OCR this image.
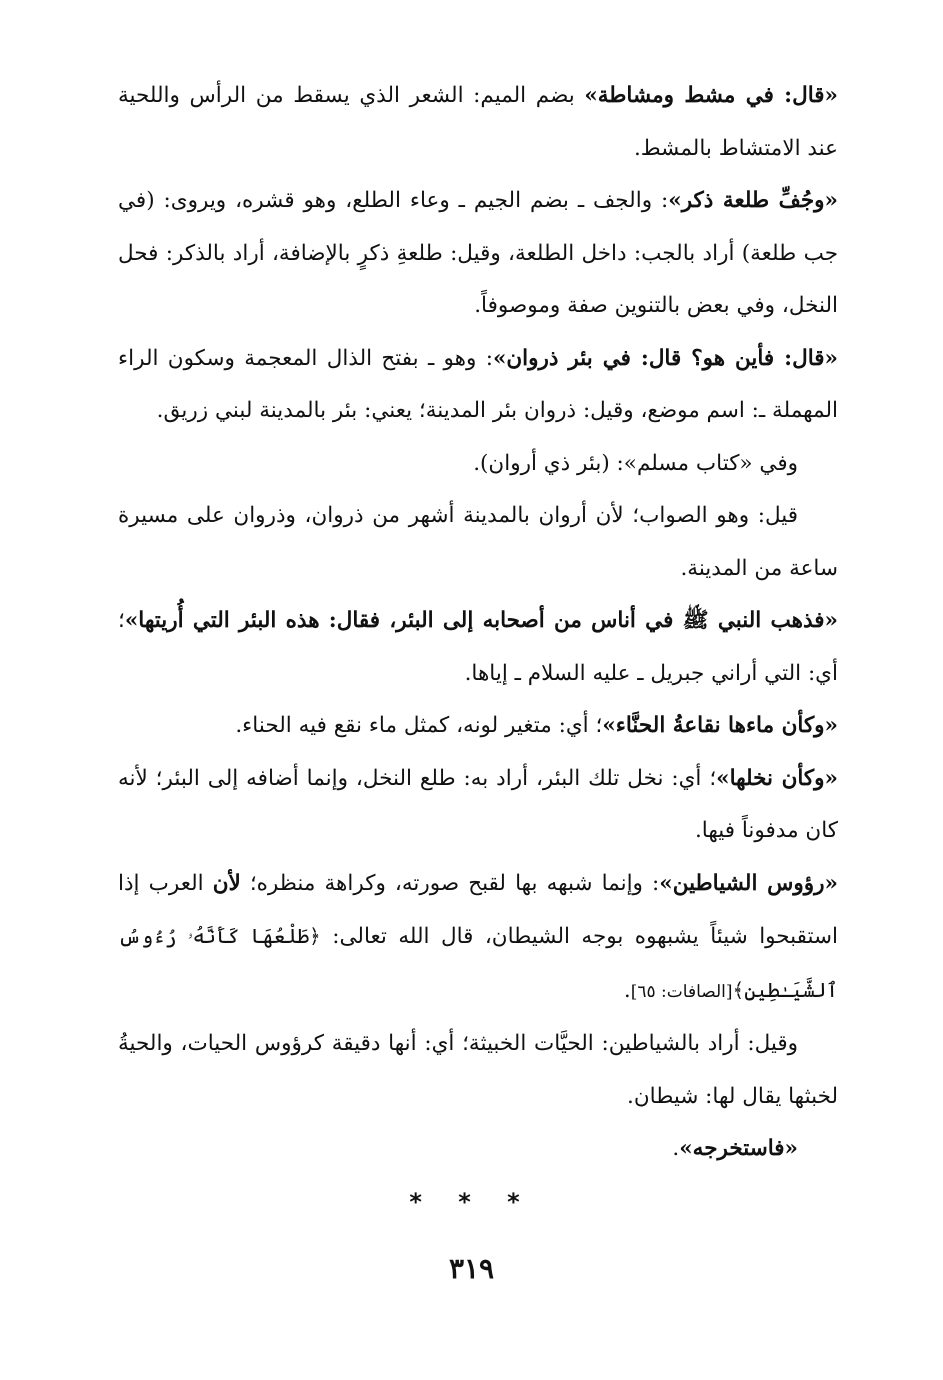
«قال: في مشط ومشاطة» بضم الميم: الشعر الذي يسقط من الرأس واللحية عند الامتشاط بالمشط.

«وجُفِّ طلعة ذكر»: والجف ـ بضم الجيم ـ وعاء الطلع، وهو قشره، ويروى: (في جب طلعة) أراد بالجب: داخل الطلعة، وقيل: طلعةِ ذكرٍ بالإضافة، أراد بالذكر: فحل النخل، وفي بعض بالتنوين صفة وموصوفاً.

«قال: فأين هو؟ قال: في بئر ذروان»: وهو ـ بفتح الذال المعجمة وسكون الراء المهملة ـ: اسم موضع، وقيل: ذروان بئر المدينة؛ يعني: بئر بالمدينة لبني زريق.

وفي «كتاب مسلم»: (بئر ذي أروان).

قيل: وهو الصواب؛ لأن أروان بالمدينة أشهر من ذروان، وذروان على مسيرة ساعة من المدينة.

«فذهب النبي ﷺ في أناس من أصحابه إلى البئر، فقال: هذه البئر التي أُريتها»؛ أي: التي أراني جبريل ـ عليه السلام ـ إياها.

«وكأن ماءها نقاعةُ الحنَّاء»؛ أي: متغير لونه، كمثل ماء نقع فيه الحناء.

«وكأن نخلها»؛ أي: نخل تلك البئر، أراد به: طلع النخل، وإنما أضافه إلى البئر؛ لأنه كان مدفوناً فيها.

«رؤوس الشياطين»: وإنما شبهه بها لقبح صورته، وكراهة منظره؛ لأن العرب إذا استقبحوا شيئاً يشبهوه بوجه الشيطان، قال الله تعالى: ﴿طَلْعُهَا كَأَنَّهُۥ رُءُوسُ ٱلشَّيَـٰطِينِ﴾[الصافات: ٦٥].

وقيل: أراد بالشياطين: الحيَّات الخبيثة؛ أي: أنها دقيقة كرؤوس الحيات، والحيةُ لخبثها يقال لها: شيطان.

«فاستخرجه».

* * *
٣١٩
